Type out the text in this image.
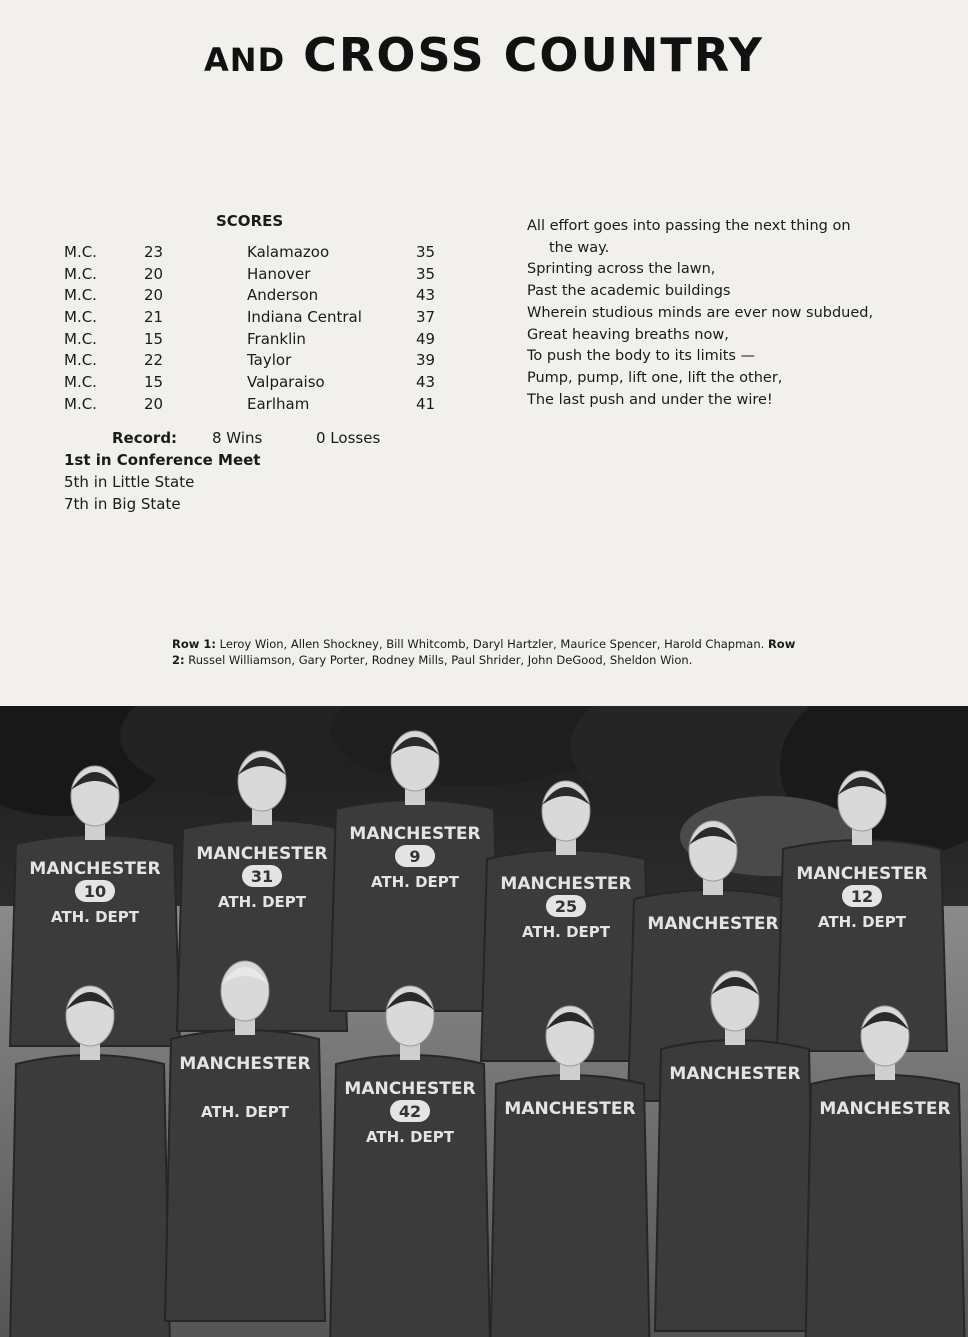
AND CROSS COUNTRY
SCORES
M.C.	23	Kalamazoo	35
M.C.	20	Hanover	35
M.C.	20	Anderson	43
M.C.	21	Indiana Central	37
M.C.	15	Franklin	49
M.C.	22	Taylor	39
M.C.	15	Valparaiso	43
M.C.	20	Earlham	41
Record: 8 Wins	0 Losses
1st in Conference Meet
5th in Little State
7th in Big State
All effort goes into passing the next thing on
the way.
Sprinting across the lawn,
Past the academic buildings
Wherein studious minds are ever now subdued,
Great heaving breaths now,
To push the body to its limits —
Pump, pump, lift one, lift the other,
The last push and under the wire!
Row 1: Leroy Wion, Allen Shockney, Bill Whitcomb, Daryl Hartzler, Maurice Spencer, Harold Chapman. Row 2: Russel Williamson, Gary Porter, Rodney Mills, Paul Shrider, John DeGood, Sheldon Wion.
MANCHESTER
10
ATH. DEPT
MANCHESTER
31
ATH. DEPT
MANCHESTER
9
ATH. DEPT MANCHESTER
25
ATH. DEPT MANCHESTER
MANCHESTER
12
ATH. DEPT
MANCHESTER
ATH. DEPT
MANCHESTER
42
ATH. DEPT
MANCHESTER
MANCHESTER
MANCHESTER
